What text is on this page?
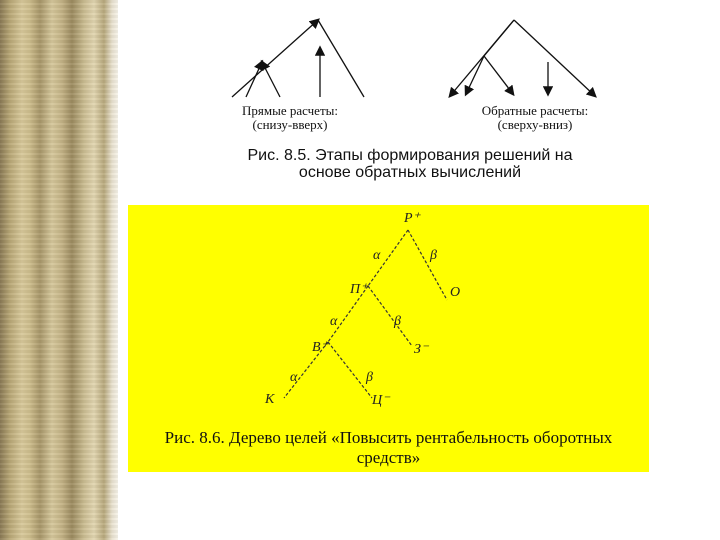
Прямые расчеты:
(снизу-вверх)
Обратные расчеты:
(сверху-вниз)
Рис. 8.5. Этапы формирования решений на
основе обратных вычислений
P⁺
α	β
П⁺	O
α	β
В⁺	З⁻
α	β
К	Ц⁻
Рис. 8.6. Дерево целей «Повысить рентабельность оборотных
средств»
